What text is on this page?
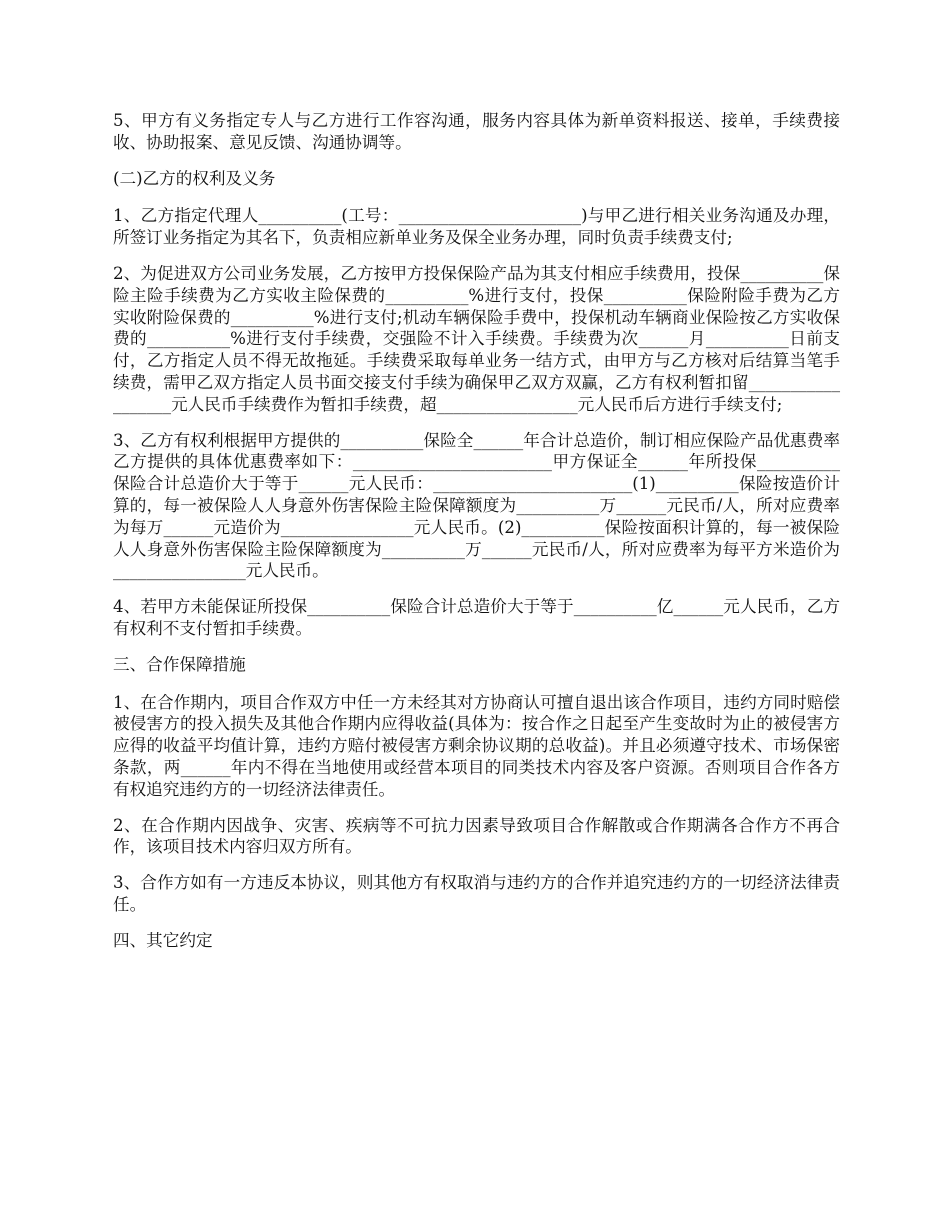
5、甲方有义务指定专人与乙方进行工作容沟通，服务内容具体为新单资料报送、接单，手续费接收、协助报案、意见反馈、沟通协调等。

(二)乙方的权利及义务

1、乙方指定代理人__________(工号：______________________)与甲乙进行相关业务沟通及办理，所签订业务指定为其名下，负责相应新单业务及保全业务办理，同时负责手续费支付;

2、为促进双方公司业务发展，乙方按甲方投保保险产品为其支付相应手续费用，投保__________保险主险手续费为乙方实收主险保费的__________%进行支付，投保__________保险附险手费为乙方实收附险保费的__________%进行支付;机动车辆保险手费中，投保机动车辆商业保险按乙方实收保费的__________%进行支付手续费，交强险不计入手续费。手续费为次______月__________日前支付，乙方指定人员不得无故拖延。手续费采取每单业务一结方式，由甲方与乙方核对后结算当笔手续费，需甲乙双方指定人员书面交接支付手续为确保甲乙双方双赢，乙方有权利暂扣留__________________元人民币手续费作为暂扣手续费，超_________________元人民币后方进行手续支付;

3、乙方有权利根据甲方提供的__________保险全______年合计总造价，制订相应保险产品优惠费率乙方提供的具体优惠费率如下：________________________甲方保证全______年所投保__________保险合计总造价大于等于______元人民币：________________________(1)__________保险按造价计算的，每一被保险人人身意外伤害保险主险保障额度为__________万______元民币/人，所对应费率为每万______元造价为________________元人民币。(2)__________保险按面积计算的，每一被保险人人身意外伤害保险主险保障额度为__________万______元民币/人，所对应费率为每平方米造价为________________元人民币。

4、若甲方未能保证所投保__________保险合计总造价大于等于__________亿______元人民币，乙方有权利不支付暂扣手续费。

三、合作保障措施

1、在合作期内，项目合作双方中任一方未经其对方协商认可擅自退出该合作项目，违约方同时赔偿被侵害方的投入损失及其他合作期内应得收益(具体为：按合作之日起至产生变故时为止的被侵害方应得的收益平均值计算，违约方赔付被侵害方剩余协议期的总收益)。并且必须遵守技术、市场保密条款，两______年内不得在当地使用或经营本项目的同类技术内容及客户资源。否则项目合作各方有权追究违约方的一切经济法律责任。

2、在合作期内因战争、灾害、疾病等不可抗力因素导致项目合作解散或合作期满各合作方不再合作，该项目技术内容归双方所有。

3、合作方如有一方违反本协议，则其他方有权取消与违约方的合作并追究违约方的一切经济法律责任。

四、其它约定
